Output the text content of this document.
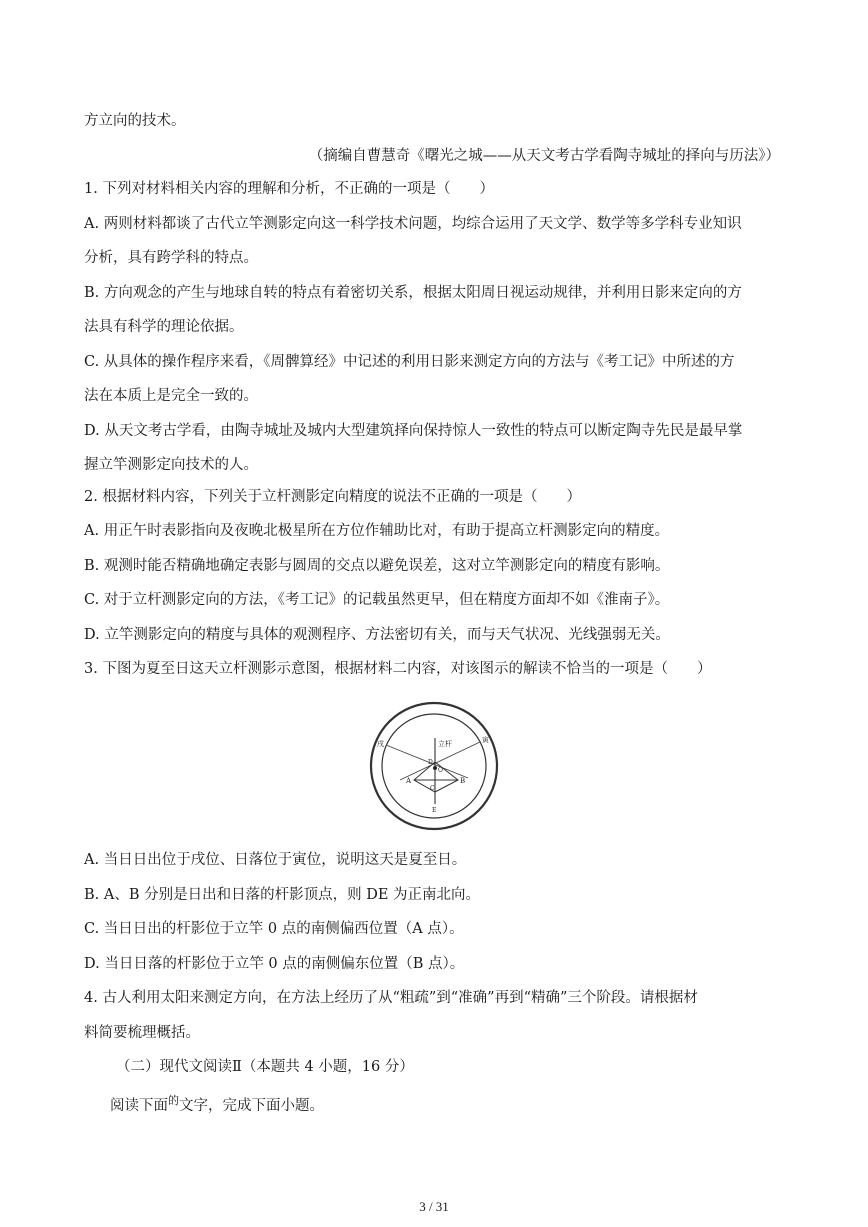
方立向的技术。
（摘编自曹慧奇《曙光之城——从天文考古学看陶寺城址的择向与历法》）
1. 下列对材料相关内容的理解和分析，不正确的一项是（　　）
A. 两则材料都谈了古代立竿测影定向这一科学技术问题，均综合运用了天文学、数学等多学科专业知识
分析，具有跨学科的特点。
B. 方向观念的产生与地球自转的特点有着密切关系，根据太阳周日视运动规律，并利用日影来定向的方
法具有科学的理论依据。
C. 从具体的操作程序来看，《周髀算经》中记述的利用日影来测定方向的方法与《考工记》中所述的方
法在本质上是完全一致的。
D. 从天文考古学看，由陶寺城址及城内大型建筑择向保持惊人一致性的特点可以断定陶寺先民是最早掌
握立竿测影定向技术的人。
2. 根据材料内容，下列关于立杆测影定向精度的说法不正确的一项是（　　）
A. 用正午时表影指向及夜晚北极星所在方位作辅助比对，有助于提高立杆测影定向的精度。
B. 观测时能否精确地确定表影与圆周的交点以避免误差，这对立竿测影定向的精度有影响。
C. 对于立杆测影定向的方法，《考工记》的记载虽然更早，但在精度方面却不如《淮南子》。
D. 立竿测影定向的精度与具体的观测程序、方法密切有关，而与天气状况、光线强弱无关。
3. 下图为夏至日这天立杆测影示意图，根据材料二内容，对该图示的解读不恰当的一项是（　　）
立杆
戌	寅
A	B
C
D
E
O
A. 当日日出位于戌位、日落位于寅位，说明这天是夏至日。
B. A、B 分别是日出和日落的杆影顶点，则 DE 为正南北向。
C. 当日日出的杆影位于立竿 0 点的南侧偏西位置（A 点）。
D. 当日日落的杆影位于立竿 0 点的南侧偏东位置（B 点）。
4. 古人利用太阳来测定方向，在方法上经历了从“粗疏”到“准确”再到“精确”三个阶段。请根据材
料简要梳理概括。
（二）现代文阅读Ⅱ（本题共 4 小题，16 分）
阅读下面$^的$文字，完成下面小题。
3 / 31
